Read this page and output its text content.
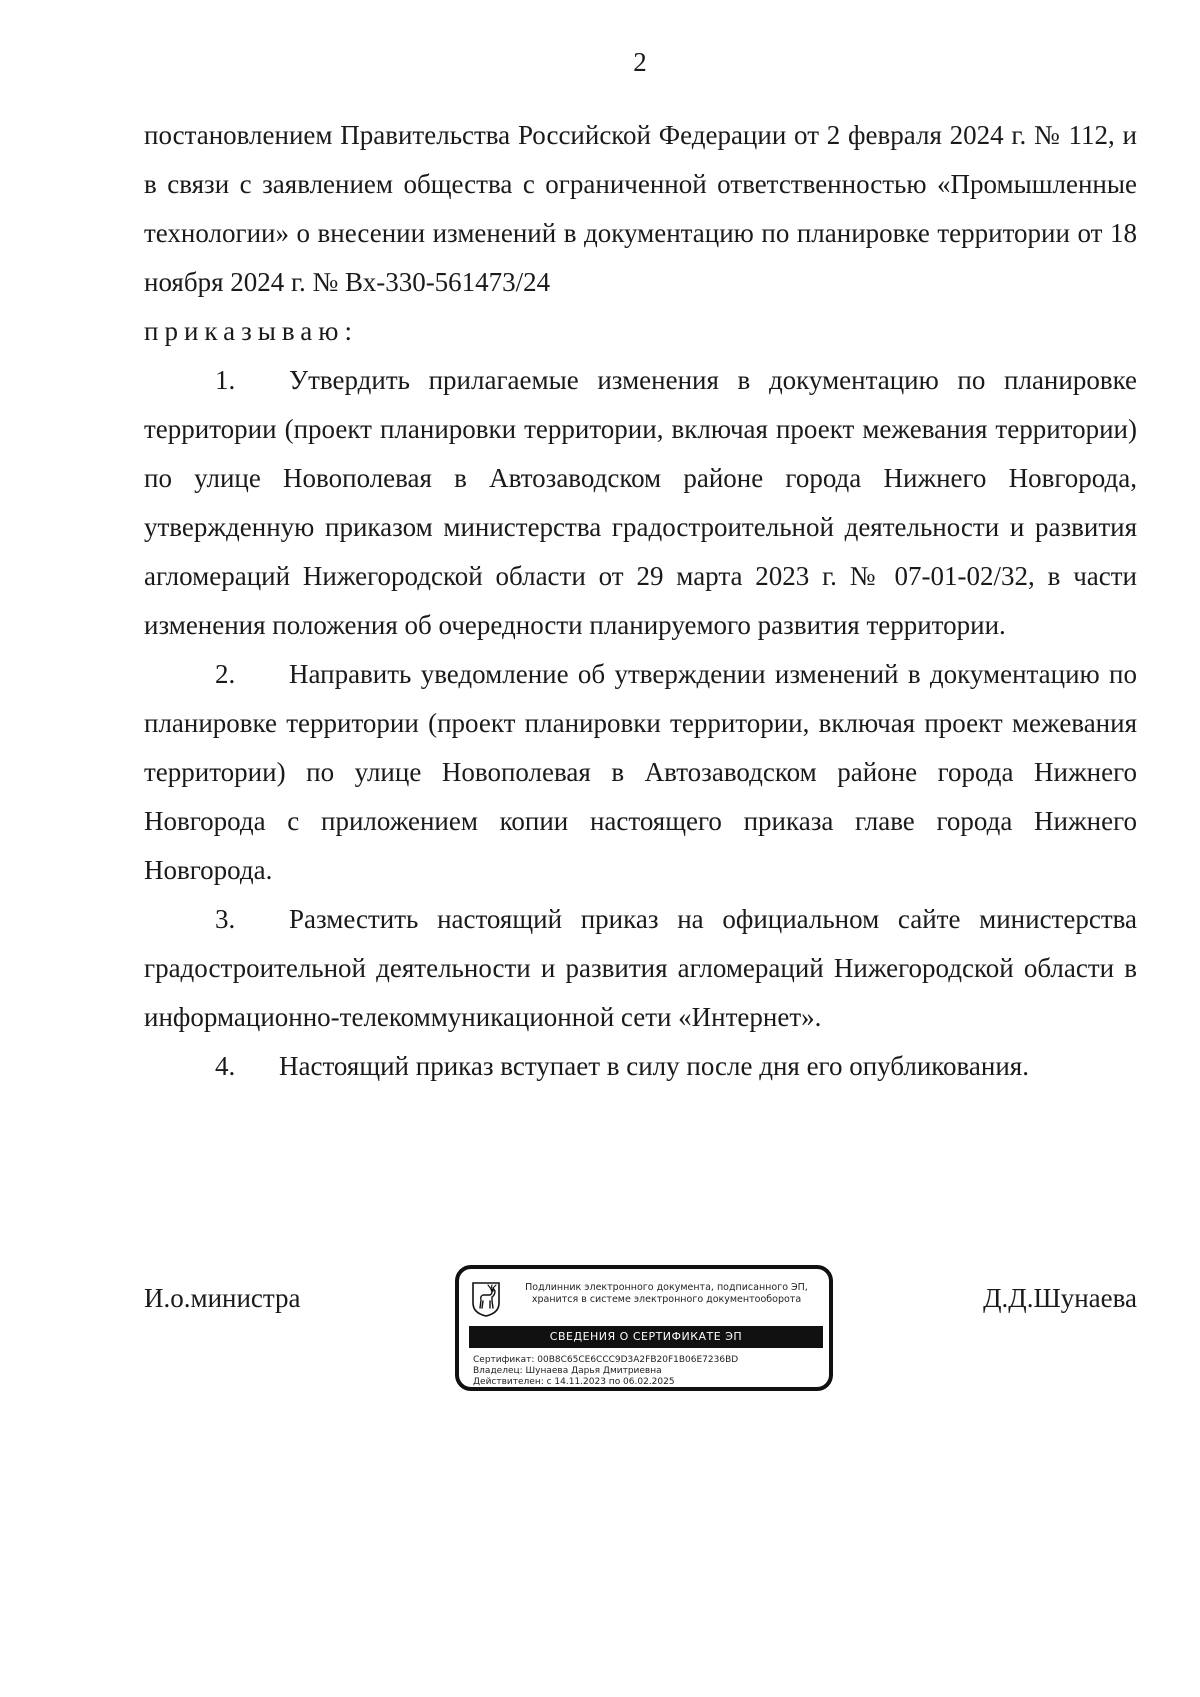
2

постановлением Правительства Российской Федерации от 2 февраля 2024 г. № 112, и в связи с заявлением общества с ограниченной ответственностью «Промышленные технологии» о внесении изменений в документацию по планировке территории от 18 ноября 2024 г. № Вх-330-561473/24

приказываю:

1. Утвердить прилагаемые изменения в документацию по планировке территории (проект планировки территории, включая проект межевания территории) по улице Новополевая в Автозаводском районе города Нижнего Новгорода, утвержденную приказом министерства градостроительной деятельности и развития агломераций Нижегородской области от 29 марта 2023 г. № 07-01-02/32, в части изменения положения об очередности планируемого развития территории.

2. Направить уведомление об утверждении изменений в документацию по планировке территории (проект планировки территории, включая проект межевания территории) по улице Новополевая в Автозаводском районе города Нижнего Новгорода с приложением копии настоящего приказа главе города Нижнего Новгорода.

3. Разместить настоящий приказ на официальном сайте министерства градостроительной деятельности и развития агломераций Нижегородской области в информационно-телекоммуникационной сети «Интернет».

4. Настоящий приказ вступает в силу после дня его опубликования.

И.о.министра	Д.Д.Шунаева
Подлинник электронного документа, подписанного ЭП,
хранится в системе электронного документооборота
СВЕДЕНИЯ О СЕРТИФИКАТЕ ЭП
Сертификат: 00B8C65CE6CCC9D3A2FB20F1B06E7236BD
Владелец: Шунаева Дарья Дмитриевна
Действителен: с 14.11.2023 по 06.02.2025
